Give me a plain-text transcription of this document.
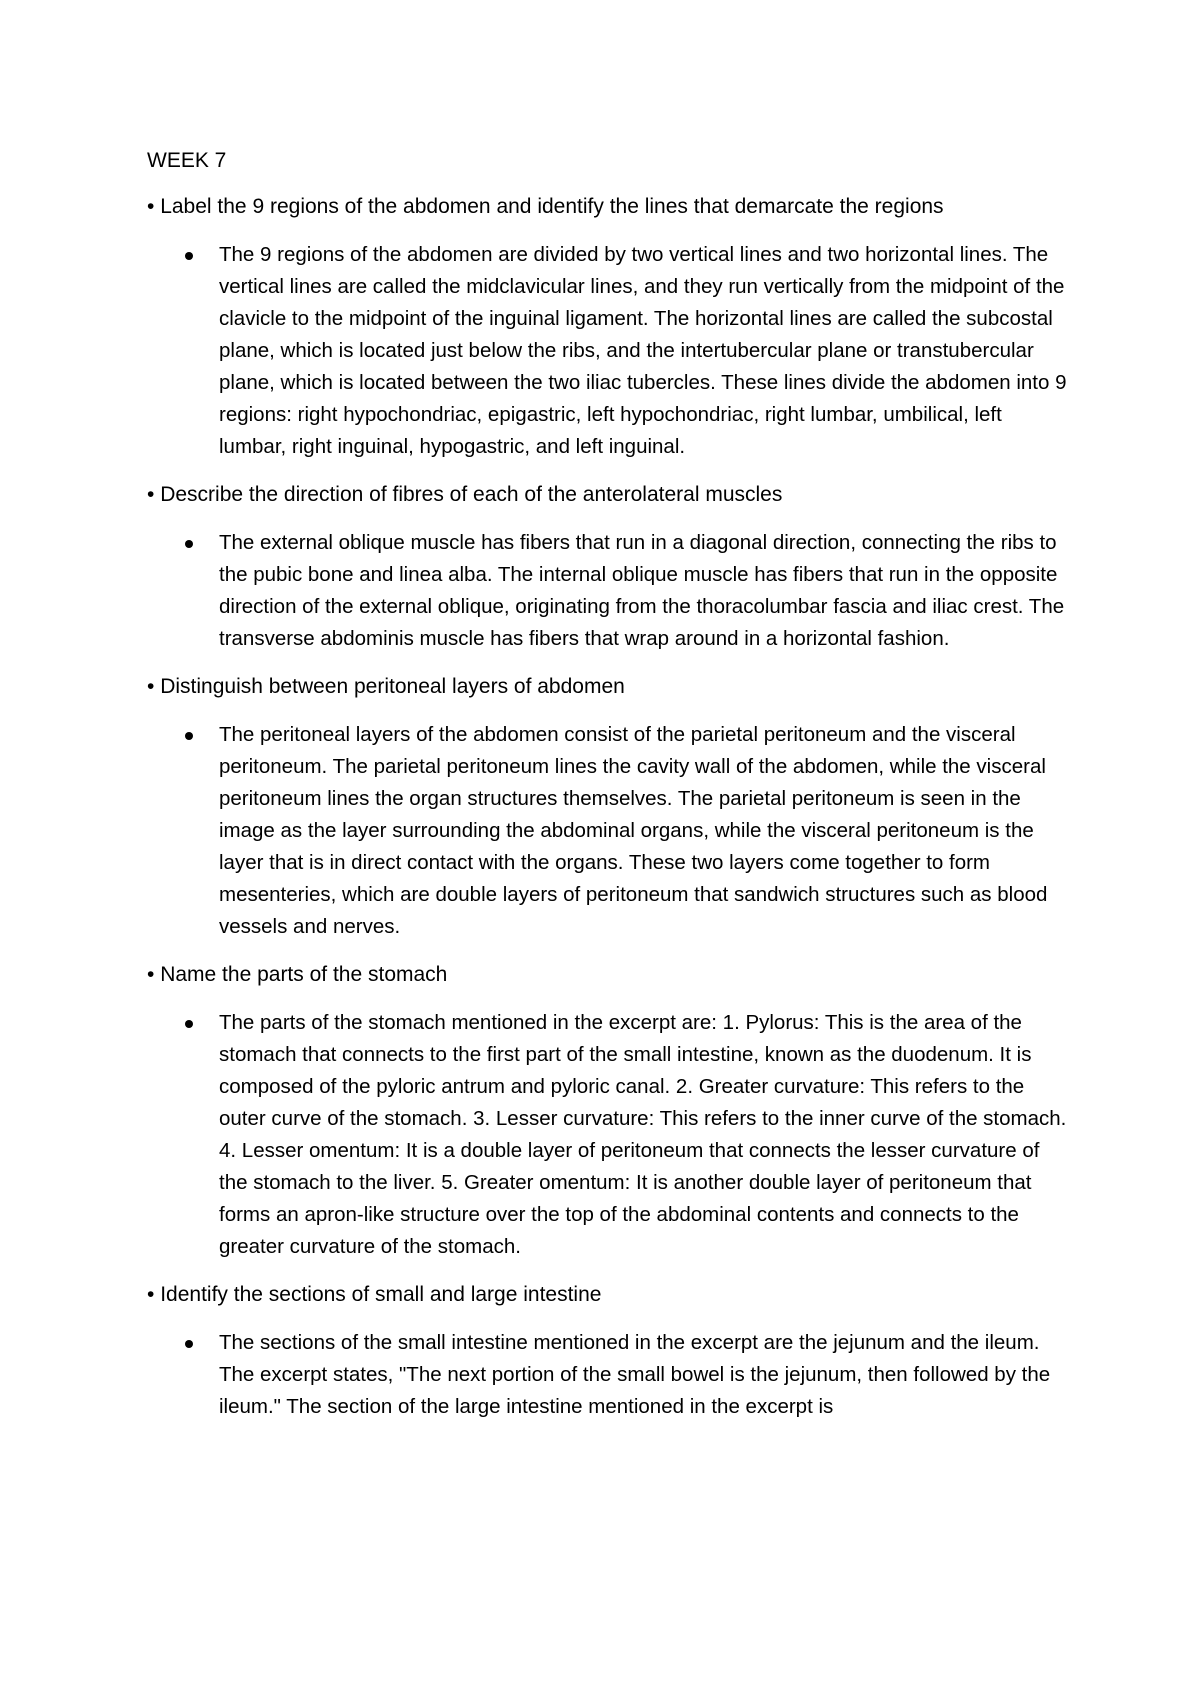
WEEK 7
• Label the 9 regions of the abdomen and identify the lines that demarcate the regions
The 9 regions of the abdomen are divided by two vertical lines and two horizontal lines. The vertical lines are called the midclavicular lines, and they run vertically from the midpoint of the clavicle to the midpoint of the inguinal ligament. The horizontal lines are called the subcostal plane, which is located just below the ribs, and the intertubercular plane or transtubercular plane, which is located between the two iliac tubercles. These lines divide the abdomen into 9 regions: right hypochondriac, epigastric, left hypochondriac, right lumbar, umbilical, left lumbar, right inguinal, hypogastric, and left inguinal.
• Describe the direction of fibres of each of the anterolateral muscles
The external oblique muscle has fibers that run in a diagonal direction, connecting the ribs to the pubic bone and linea alba. The internal oblique muscle has fibers that run in the opposite direction of the external oblique, originating from the thoracolumbar fascia and iliac crest. The transverse abdominis muscle has fibers that wrap around in a horizontal fashion.
• Distinguish between peritoneal layers of abdomen
The peritoneal layers of the abdomen consist of the parietal peritoneum and the visceral peritoneum. The parietal peritoneum lines the cavity wall of the abdomen, while the visceral peritoneum lines the organ structures themselves. The parietal peritoneum is seen in the image as the layer surrounding the abdominal organs, while the visceral peritoneum is the layer that is in direct contact with the organs. These two layers come together to form mesenteries, which are double layers of peritoneum that sandwich structures such as blood vessels and nerves.
• Name the parts of the stomach
The parts of the stomach mentioned in the excerpt are: 1. Pylorus: This is the area of the stomach that connects to the first part of the small intestine, known as the duodenum. It is composed of the pyloric antrum and pyloric canal. 2. Greater curvature: This refers to the outer curve of the stomach. 3. Lesser curvature: This refers to the inner curve of the stomach. 4. Lesser omentum: It is a double layer of peritoneum that connects the lesser curvature of the stomach to the liver. 5. Greater omentum: It is another double layer of peritoneum that forms an apron-like structure over the top of the abdominal contents and connects to the greater curvature of the stomach.
• Identify the sections of small and large intestine
The sections of the small intestine mentioned in the excerpt are the jejunum and the ileum. The excerpt states, "The next portion of the small bowel is the jejunum, then followed by the ileum." The section of the large intestine mentioned in the excerpt is
